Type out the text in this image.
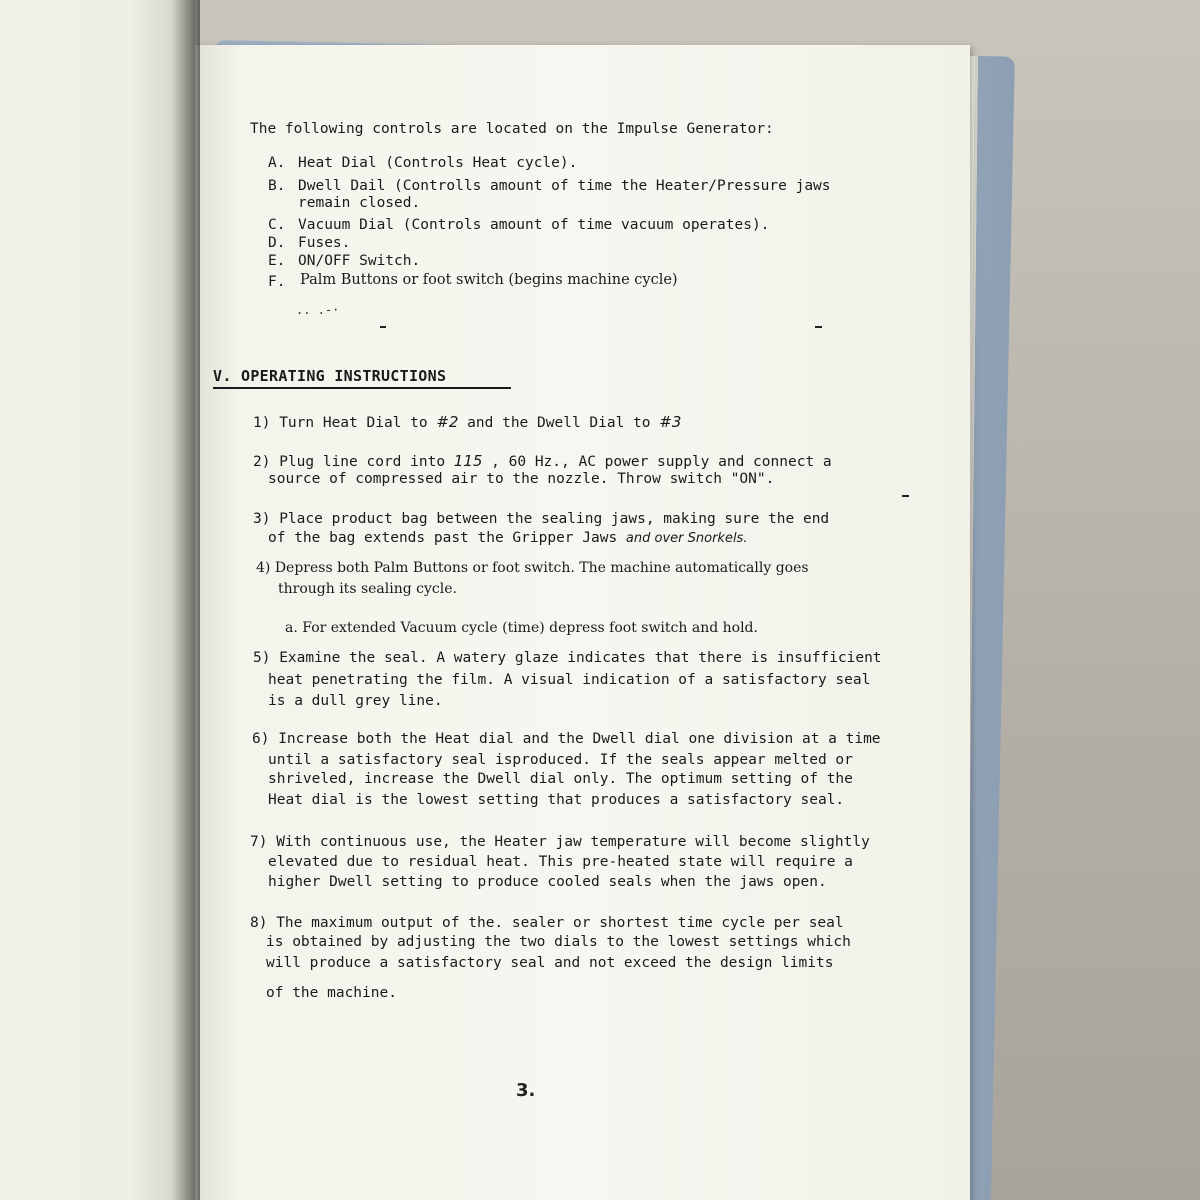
The following controls are located on the Impulse Generator:
A. Heat Dial (Controls Heat cycle).
B. Dwell Dail (Controlls amount of time the Heater/Pressure jaws
remain closed.
C. Vacuum Dial (Controls amount of time vacuum operates).
D. Fuses.
E. ON/OFF Switch.
F. Palm Buttons or foot switch (begins machine cycle)
.. .-·
V. OPERATING INSTRUCTIONS
1) Turn Heat Dial to #2 and the Dwell Dial to #3
2) Plug line cord into 115 , 60 Hz., AC power supply and connect a
source of compressed air to the nozzle. Throw switch "ON".
3) Place product bag between the sealing jaws, making sure the end
of the bag extends past the Gripper Jaws and over Snorkels.
4) Depress both Palm Buttons or foot switch. The machine automatically goes
through its sealing cycle.
a. For extended Vacuum cycle (time) depress foot switch and hold.
5) Examine the seal. A watery glaze indicates that there is insufficient
heat penetrating the film. A visual indication of a satisfactory seal
is a dull grey line.
6) Increase both the Heat dial and the Dwell dial one division at a time
until a satisfactory seal isproduced. If the seals appear melted or
shriveled, increase the Dwell dial only. The optimum setting of the
Heat dial is the lowest setting that produces a satisfactory seal.
7) With continuous use, the Heater jaw temperature will become slightly
elevated due to residual heat. This pre-heated state will require a
higher Dwell setting to produce cooled seals when the jaws open.
8) The maximum output of the. sealer or shortest time cycle per seal
is obtained by adjusting the two dials to the lowest settings which
will produce a satisfactory seal and not exceed the design limits
of the machine.
3.
